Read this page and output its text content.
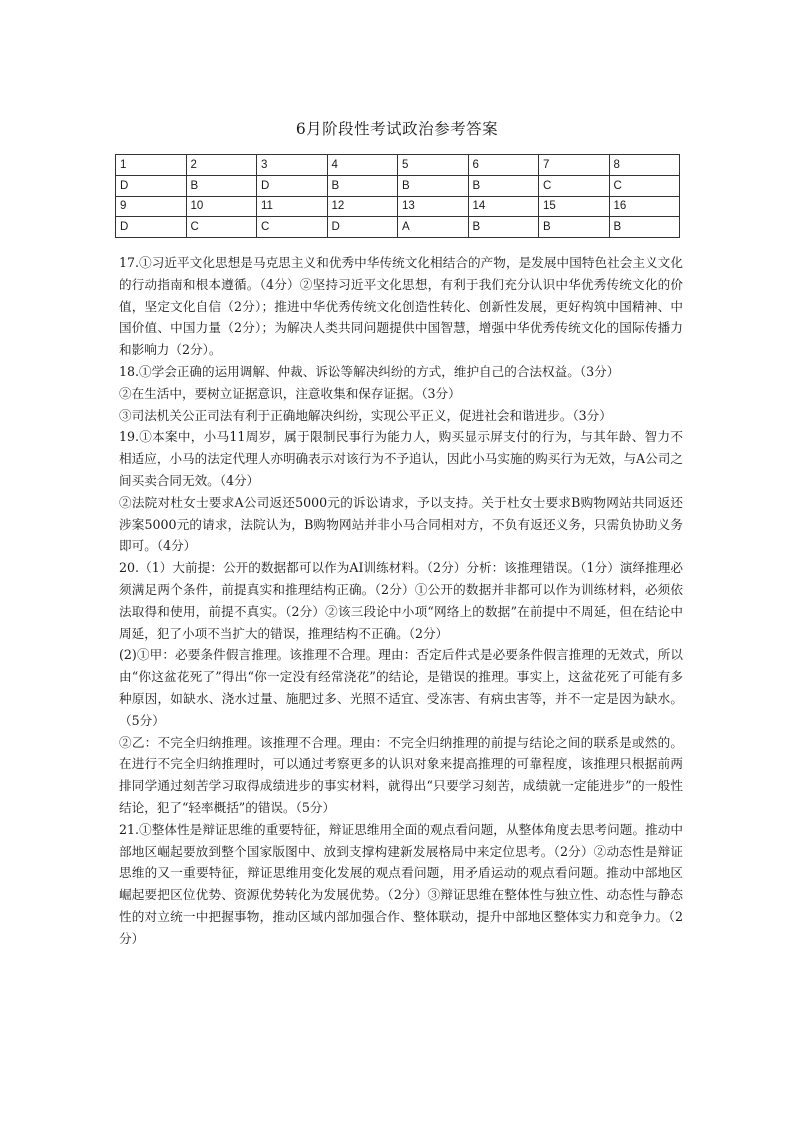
6月阶段性考试政治参考答案
1	2	3	4	5	6	7	8
D	B	D	B	B	B	C	C
9	10	11	12	13	14	15	16
D	C	C	D	A	B	B	B

17.①习近平文化思想是马克思主义和优秀中华传统文化相结合的产物，是发展中国特色社会主义文化的行动指南和根本遵循。（4分）②坚持习近平文化思想，有利于我们充分认识中华优秀传统文化的价值，坚定文化自信（2分）；推进中华优秀传统文化创造性转化、创新性发展，更好构筑中国精神、中国价值、中国力量（2分）；为解决人类共同问题提供中国智慧，增强中华优秀传统文化的国际传播力和影响力（2分）。

18.①学会正确的运用调解、仲裁、诉讼等解决纠纷的方式，维护自己的合法权益。（3分）

②在生活中，要树立证据意识，注意收集和保存证据。（3分）

③司法机关公正司法有利于正确地解决纠纷，实现公平正义，促进社会和谐进步。（3分）

19.①本案中，小马11周岁，属于限制民事行为能力人，购买显示屏支付的行为，与其年龄、智力不相适应，小马的法定代理人亦明确表示对该行为不予追认，因此小马实施的购买行为无效，与A公司之间买卖合同无效。（4分）

②法院对杜女士要求A公司返还5000元的诉讼请求，予以支持。关于杜女士要求B购物网站共同返还涉案5000元的请求，法院认为，B购物网站并非小马合同相对方，不负有返还义务，只需负协助义务即可。（4分）

20.（1）大前提：公开的数据都可以作为AI训练材料。（2分）分析：该推理错误。（1分）演绎推理必须满足两个条件，前提真实和推理结构正确。（2分）①公开的数据并非都可以作为训练材料，必须依法取得和使用，前提不真实。（2分）②该三段论中小项“网络上的数据”在前提中不周延，但在结论中周延，犯了小项不当扩大的错误，推理结构不正确。（2分）

(2)①甲：必要条件假言推理。该推理不合理。理由：否定后件式是必要条件假言推理的无效式，所以由“你这盆花死了”得出“你一定没有经常浇花”的结论，是错误的推理。事实上，这盆花死了可能有多种原因，如缺水、浇水过量、施肥过多、光照不适宜、受冻害、有病虫害等，并不一定是因为缺水。（5分）

②乙：不完全归纳推理。该推理不合理。理由：不完全归纳推理的前提与结论之间的联系是或然的。在进行不完全归纳推理时，可以通过考察更多的认识对象来提高推理的可靠程度，该推理只根据前两排同学通过刻苦学习取得成绩进步的事实材料，就得出“只要学习刻苦，成绩就一定能进步”的一般性结论，犯了“轻率概括”的错误。（5分）

21.①整体性是辩证思维的重要特征，辩证思维用全面的观点看问题，从整体角度去思考问题。推动中部地区崛起要放到整个国家版图中、放到支撑构建新发展格局中来定位思考。（2分）②动态性是辩证思维的又一重要特征，辩证思维用变化发展的观点看问题，用矛盾运动的观点看问题。推动中部地区崛起要把区位优势、资源优势转化为发展优势。（2分）③辩证思维在整体性与独立性、动态性与静态性的对立统一中把握事物，推动区域内部加强合作、整体联动，提升中部地区整体实力和竞争力。（2分）
